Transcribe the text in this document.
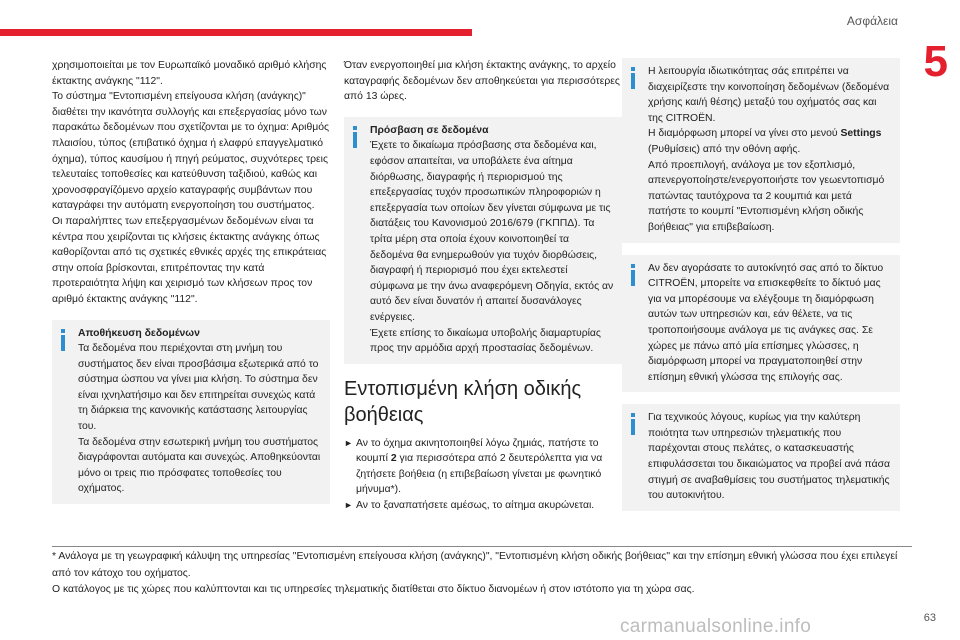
Ασφάλεια
5

χρησιμοποιείται με τον Ευρωπαϊκό μοναδικό αριθμό κλήσης έκτακτης ανάγκης "112".

Το σύστημα "Εντοπισμένη επείγουσα κλήση (ανάγκης)" διαθέτει την ικανότητα συλλογής και επεξεργασίας μόνο των παρακάτω δεδομένων που σχετίζονται με το όχημα: Αριθμός πλαισίου, τύπος (επιβατικό όχημα ή ελαφρύ επαγγελματικό όχημα), τύπος καυσίμου ή πηγή ρεύματος, συχνότερες τρεις τελευταίες τοποθεσίες και κατεύθυνση ταξιδιού, καθώς και χρονοσφραγίζόμενο αρχείο καταγραφής συμβάντων που καταγράφει την αυτόματη ενεργοποίηση του συστήματος.

Οι παραλήπτες των επεξεργασμένων δεδομένων είναι τα κέντρα που χειρίζονται τις κλήσεις έκτακτης ανάγκης όπως καθορίζονται από τις σχετικές εθνικές αρχές της επικράτειας στην οποία βρίσκονται, επιτρέποντας την κατά προτεραιότητα λήψη και χειρισμό των κλήσεων προς τον αριθμό έκτακτης ανάγκης "112".

Αποθήκευση δεδομένων

Τα δεδομένα που περιέχονται στη μνήμη του συστήματος δεν είναι προσβάσιμα εξωτερικά από το σύστημα ώσπου να γίνει μια κλήση. Το σύστημα δεν είναι ιχνηλατήσιμο και δεν επιτηρείται συνεχώς κατά τη διάρκεια της κανονικής κατάστασης λειτουργίας του.

Τα δεδομένα στην εσωτερική μνήμη του συστήματος διαγράφονται αυτόματα και συνεχώς. Αποθηκεύονται μόνο οι τρεις πιο πρόσφατες τοποθεσίες του οχήματος.

Όταν ενεργοποιηθεί μια κλήση έκτακτης ανάγκης, το αρχείο καταγραφής δεδομένων δεν αποθηκεύεται για περισσότερες από 13 ώρες.

Πρόσβαση σε δεδομένα

Έχετε το δικαίωμα πρόσβασης στα δεδομένα και, εφόσον απαιτείται, να υποβάλετε ένα αίτημα διόρθωσης, διαγραφής ή περιορισμού της επεξεργασίας τυχόν προσωπικών πληροφοριών η επεξεργασία των οποίων δεν γίνεται σύμφωνα με τις διατάξεις του Κανονισμού 2016/679 (ΓΚΠΠΔ). Τα τρίτα μέρη στα οποία έχουν κοινοποιηθεί τα δεδομένα θα ενημερωθούν για τυχόν διορθώσεις, διαγραφή ή περιορισμό που έχει εκτελεστεί σύμφωνα με την άνω αναφερόμενη Οδηγία, εκτός αν αυτό δεν είναι δυνατόν ή απαιτεί δυσανάλογες ενέργειες.

Έχετε επίσης το δικαίωμα υποβολής διαμαρτυρίας προς την αρμόδια αρχή προστασίας δεδομένων.

Εντοπισμένη κλήση οδικής βοήθειας

► Αν το όχημα ακινητοποιηθεί λόγω ζημιάς, πατήστε το κουμπί 2 για περισσότερα από 2 δευτερόλεπτα για να ζητήσετε βοήθεια (η επιβεβαίωση γίνεται με φωνητικό μήνυμα*).

► Αν το ξαναπατήσετε αμέσως, το αίτημα ακυρώνεται.

Η λειτουργία ιδιωτικότητας σάς επιτρέπει να διαχειρίζεστε την κοινοποίηση δεδομένων (δεδομένα χρήσης και/ή θέσης) μεταξύ του οχήματός σας και της CITROËN.

Η διαμόρφωση μπορεί να γίνει στο μενού Settings (Ρυθμίσεις) από την οθόνη αφής.

Από προεπιλογή, ανάλογα με τον εξοπλισμό, απενεργοποίηστε/ενεργοποιήστε τον γεωεντοπισμό πατώντας ταυτόχρονα τα 2 κουμπιά και μετά πατήστε το κουμπί "Εντοπισμένη κλήση οδικής βοήθειας" για επιβεβαίωση.

Αν δεν αγοράσατε το αυτοκίνητό σας από το δίκτυο CITROËN, μπορείτε να επισκεφθείτε το δίκτυό μας για να μπορέσουμε να ελέγξουμε τη διαμόρφωση αυτών των υπηρεσιών και, εάν θέλετε, να τις τροποποιήσουμε ανάλογα με τις ανάγκες σας. Σε χώρες με πάνω από μία επίσημες γλώσσες, η διαμόρφωση μπορεί να πραγματοποιηθεί στην επίσημη εθνική γλώσσα της επιλογής σας.

Για τεχνικούς λόγους, κυρίως για την καλύτερη ποιότητα των υπηρεσιών τηλεματικής που παρέχονται στους πελάτες, ο κατασκευαστής επιφυλάσσεται του δικαιώματος να προβεί ανά πάσα στιγμή σε αναβαθμίσεις του συστήματος τηλεματικής του αυτοκινήτου.

* Ανάλογα με τη γεωγραφική κάλυψη της υπηρεσίας "Εντοπισμένη επείγουσα κλήση (ανάγκης)", "Εντοπισμένη κλήση οδικής βοήθειας" και την επίσημη εθνική γλώσσα που έχει επιλεγεί από τον κάτοχο του οχήματος.

Ο κατάλογος με τις χώρες που καλύπτονται και τις υπηρεσίες τηλεματικής διατίθεται στο δίκτυο διανομέων ή στον ιστότοπο για τη χώρα σας.

carmanualsonline.info	63
